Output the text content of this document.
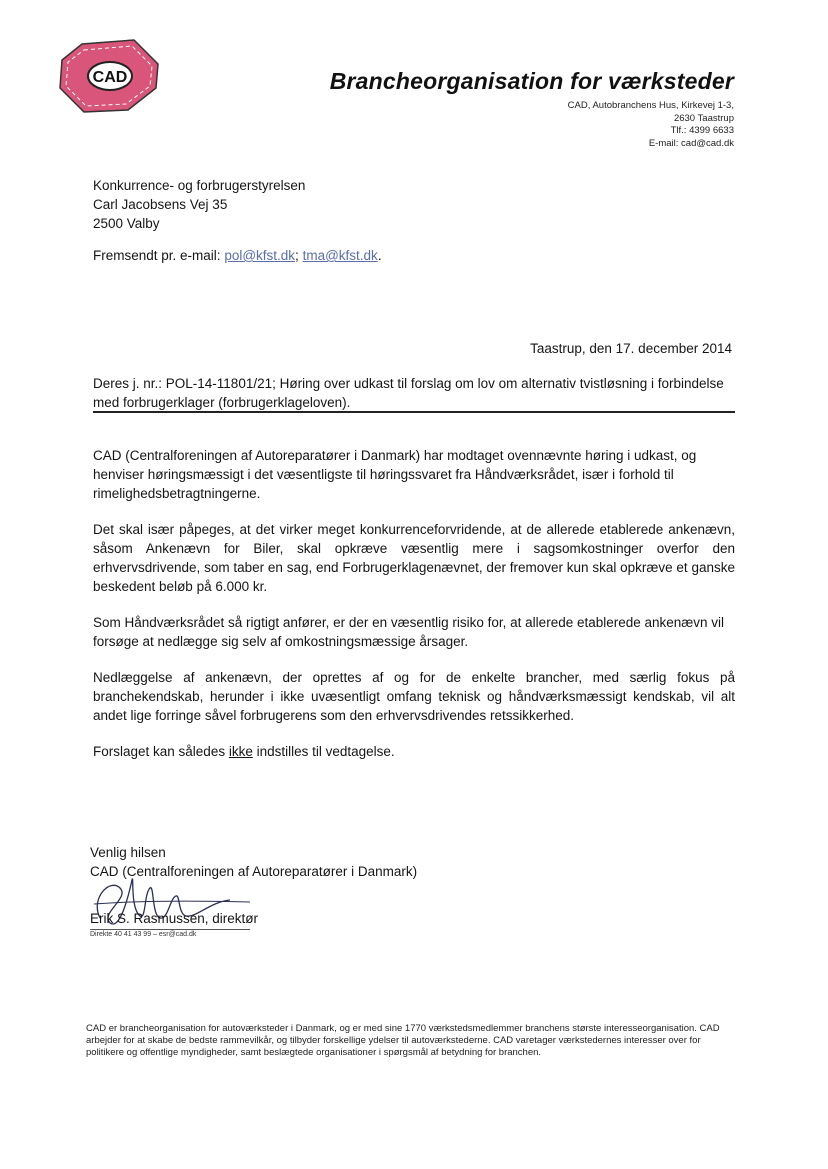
CAD	Brancheorganisation for værksteder
CAD, Autobranchens Hus, Kirkevej 1-3,
2630 Taastrup
Tlf.: 4399 6633
E-mail: cad@cad.dk
Konkurrence- og forbrugerstyrelsen
Carl Jacobsens Vej 35
2500 Valby
Fremsendt pr. e-mail: pol@kfst.dk; tma@kfst.dk.
Taastrup, den 17. december 2014
Deres j. nr.: POL-14-11801/21; Høring over udkast til forslag om lov om alternativ tvistløsning i forbindelse
med forbrugerklager (forbrugerklageloven).

CAD (Centralforeningen af Autoreparatører i Danmark) har modtaget ovennævnte høring i udkast, og henviser høringsmæssigt i det væsentligste til høringssvaret fra Håndværksrådet, især i forhold til rimelighedsbetragtningerne.

Det skal især påpeges, at det virker meget konkurrenceforvridende, at de allerede etablerede ankenævn, såsom Ankenævn for Biler, skal opkræve væsentlig mere i sagsomkostninger overfor den erhvervsdrivende, som taber en sag, end Forbrugerklagenævnet, der fremover kun skal opkræve et ganske beskedent beløb på 6.000 kr.

Som Håndværksrådet så rigtigt anfører, er der en væsentlig risiko for, at allerede etablerede ankenævn vil forsøge at nedlægge sig selv af omkostningsmæssige årsager.

Nedlæggelse af ankenævn, der oprettes af og for de enkelte brancher, med særlig fokus på branchekendskab, herunder i ikke uvæsentligt omfang teknisk og håndværksmæssigt kendskab, vil alt andet lige forringe såvel forbrugerens som den erhvervsdrivendes retssikkerhed.

Forslaget kan således ikke indstilles til vedtagelse.

Venlig hilsen
CAD (Centralforeningen af Autoreparatører i Danmark)
Erik S. Rasmussen, direktør
Direkte 40 41 43 99 – esr@cad.dk
CAD er brancheorganisation for autoværksteder i Danmark, og er med sine 1770 værkstedsmedlemmer branchens største interesseorganisation. CAD arbejder for at skabe de bedste rammevilkår, og tilbyder forskellige ydelser til autoværkstederne. CAD varetager værkstedernes interesser over for politikere og offentlige myndigheder, samt beslægtede organisationer i spørgsmål af betydning for branchen.
